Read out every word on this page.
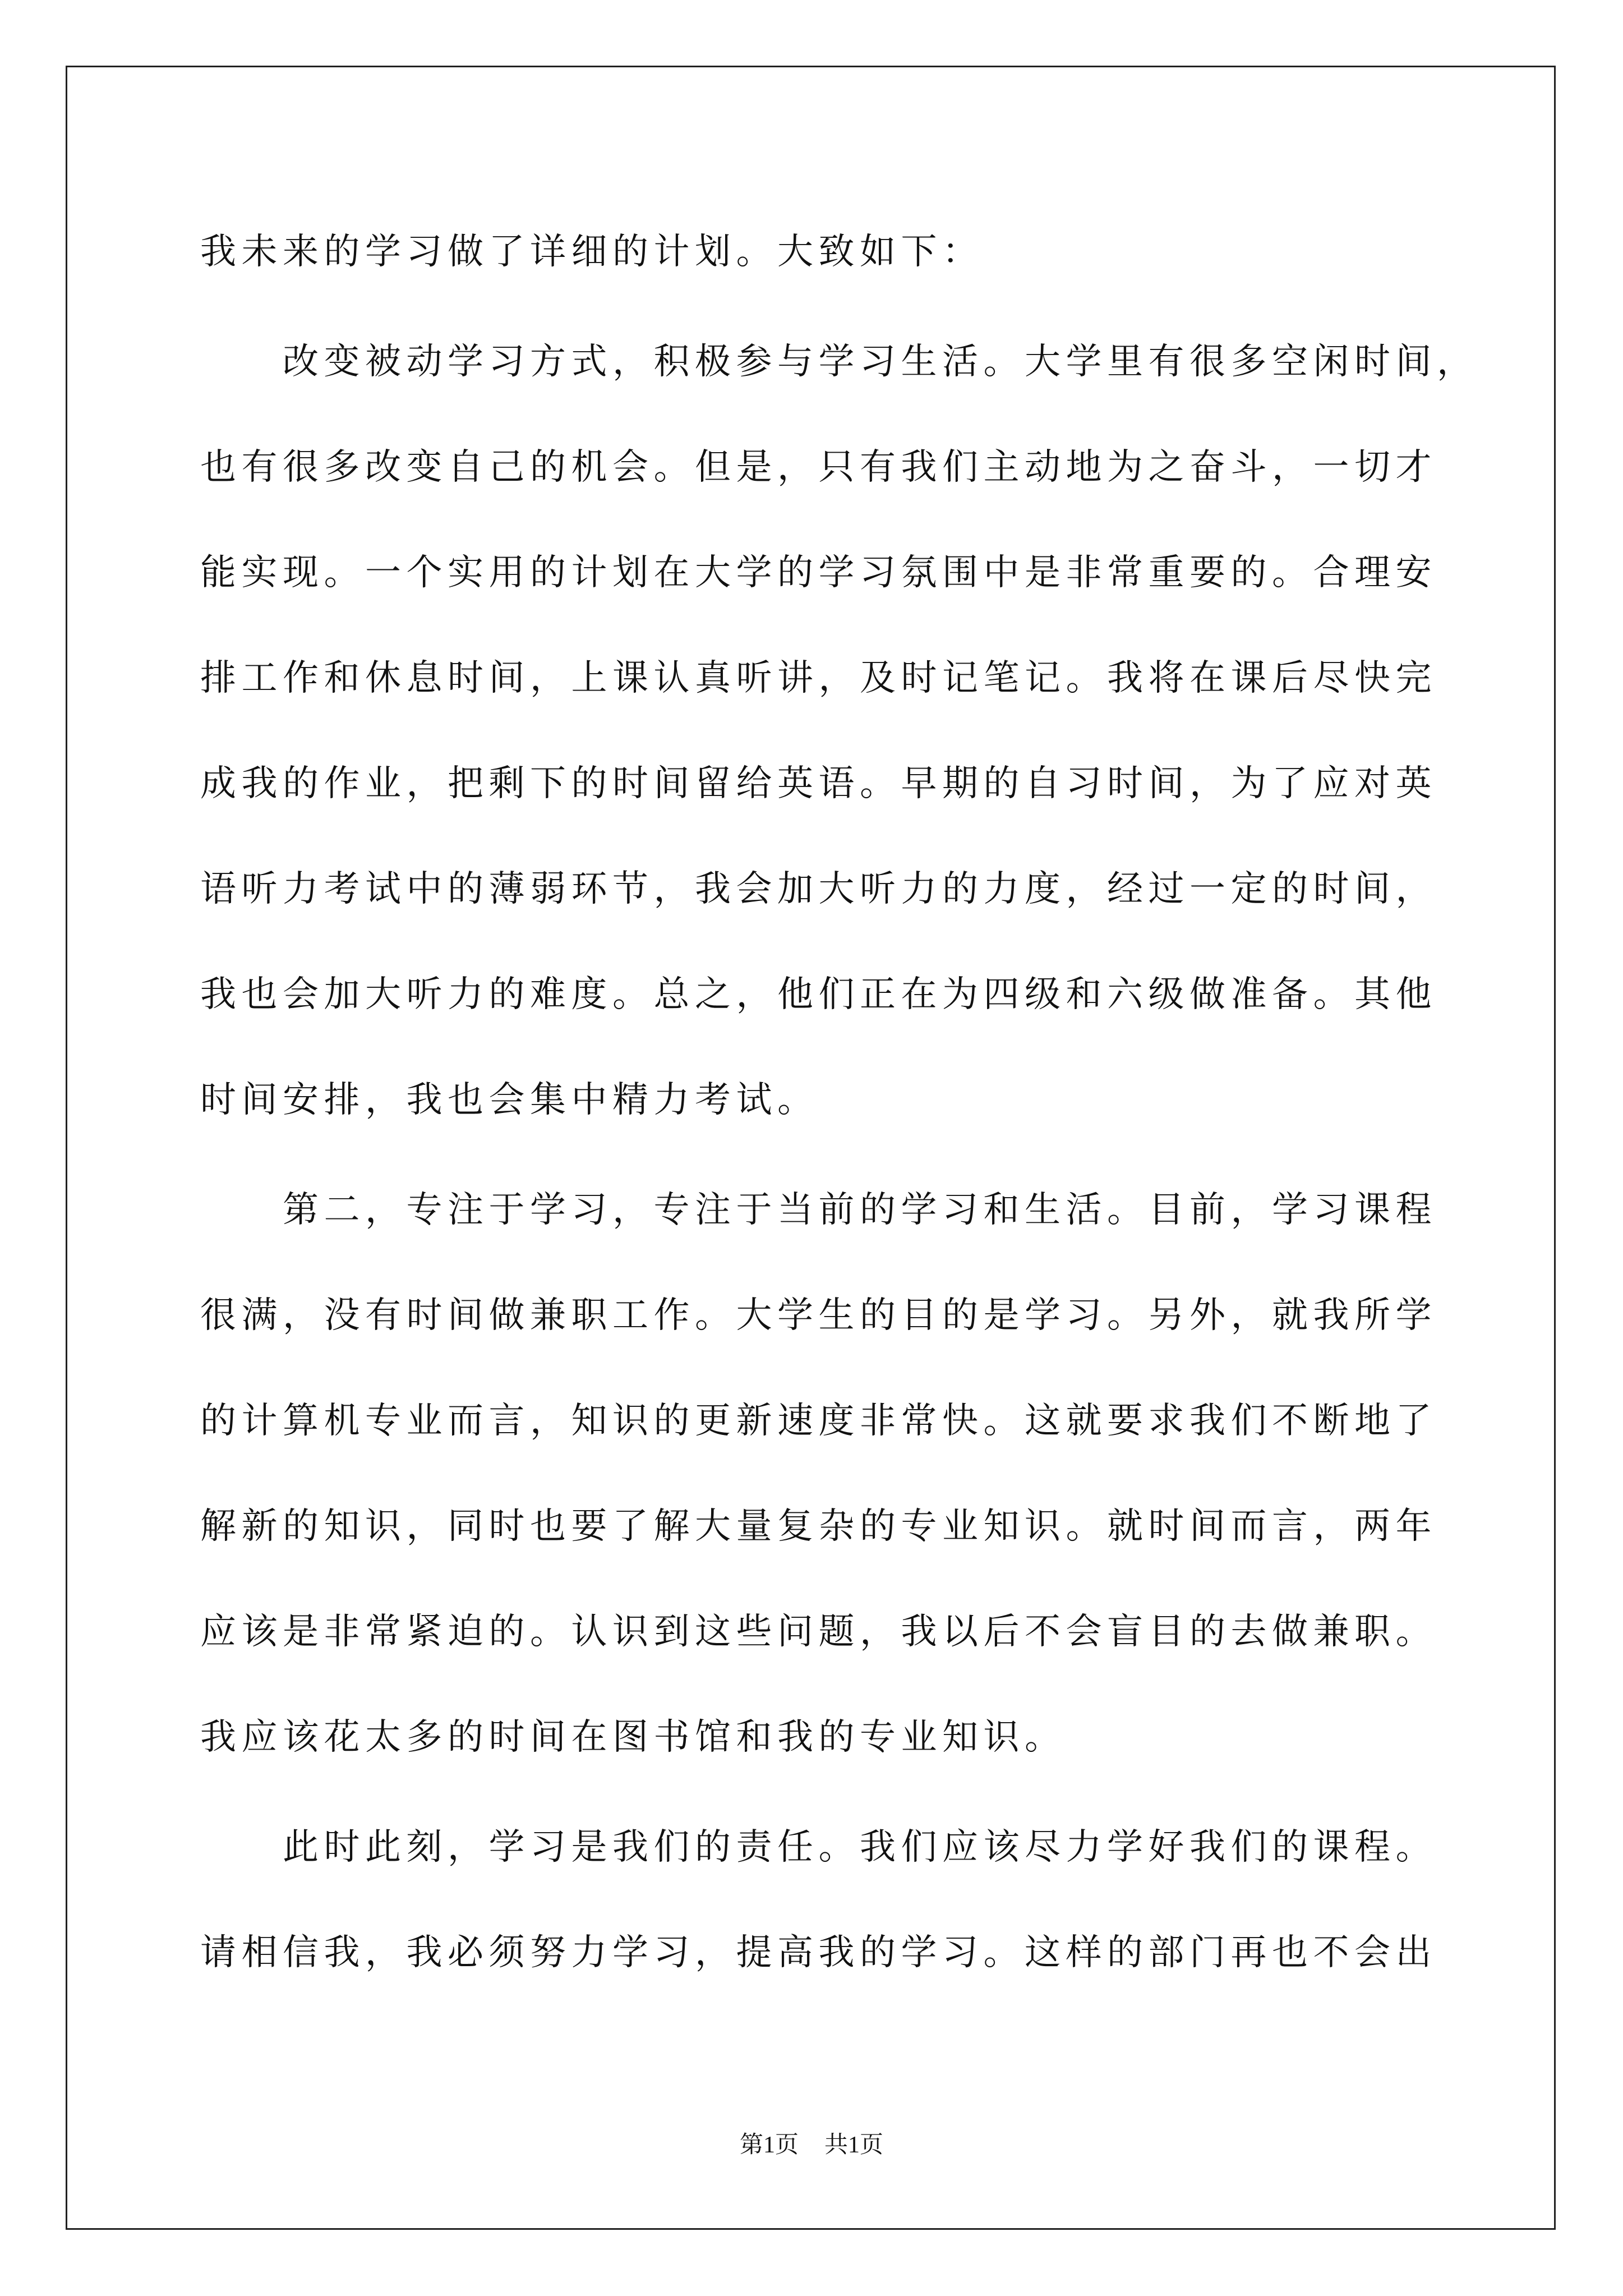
我未来的学习做了详细的计划。大致如下：
改变被动学习方式，积极参与学习生活。大学里有很多空闲时间，
也有很多改变自己的机会。但是，只有我们主动地为之奋斗，一切才
能实现。一个实用的计划在大学的学习氛围中是非常重要的。合理安
排工作和休息时间，上课认真听讲，及时记笔记。我将在课后尽快完
成我的作业，把剩下的时间留给英语。早期的自习时间，为了应对英
语听力考试中的薄弱环节，我会加大听力的力度，经过一定的时间，
我也会加大听力的难度。总之，他们正在为四级和六级做准备。其他
时间安排，我也会集中精力考试。
第二，专注于学习，专注于当前的学习和生活。目前，学习课程
很满，没有时间做兼职工作。大学生的目的是学习。另外，就我所学
的计算机专业而言，知识的更新速度非常快。这就要求我们不断地了
解新的知识，同时也要了解大量复杂的专业知识。就时间而言，两年
应该是非常紧迫的。认识到这些问题，我以后不会盲目的去做兼职。
我应该花太多的时间在图书馆和我的专业知识。
此时此刻，学习是我们的责任。我们应该尽力学好我们的课程。
请相信我，我必须努力学习，提高我的学习。这样的部门再也不会出
第1页 共1页
